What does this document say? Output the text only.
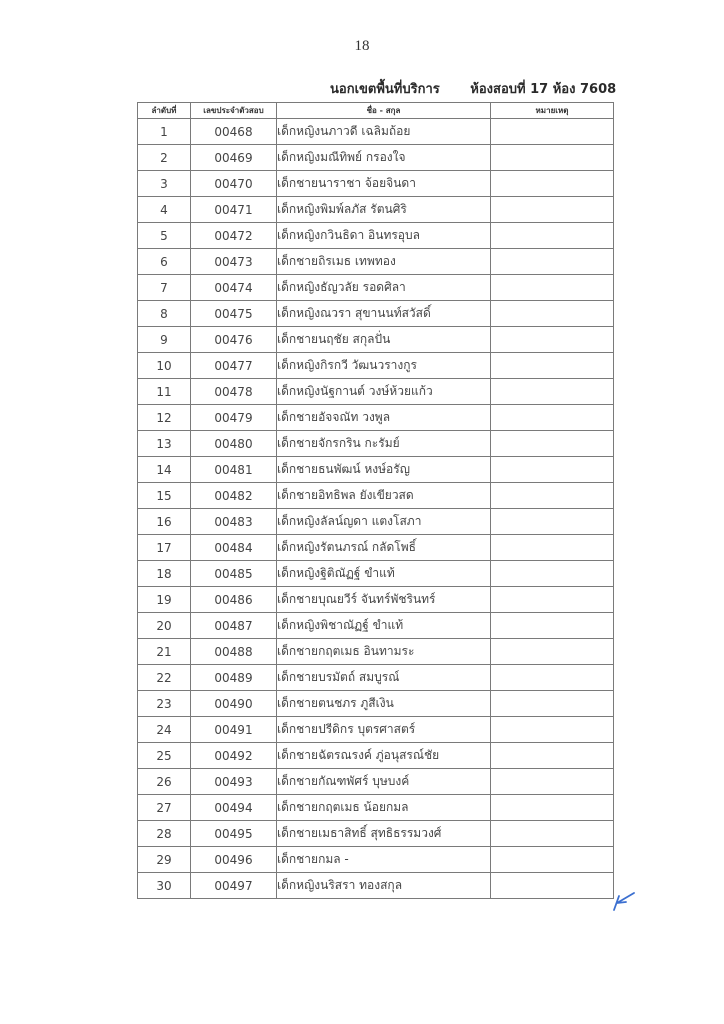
18
นอกเขตพื้นที่บริการ ห้องสอบที่ 17 ห้อง 7608
ลำดับที่	เลขประจำตัวสอบ	ชื่อ - สกุล	หมายเหตุ
1	00468	เด็กหญิงนภาวดี เฉลิมถ้อย	
2	00469	เด็กหญิงมณีทิพย์ กรองใจ	
3	00470	เด็กชายนาราชา จ้อยจินดา	
4	00471	เด็กหญิงพิมพ์ลภัส รัตนศิริ	
5	00472	เด็กหญิงกวินธิดา อินทรอุบล	
6	00473	เด็กชายถิรเมธ เทพทอง	
7	00474	เด็กหญิงธัญวลัย รอดศิลา	
8	00475	เด็กหญิงณวรา สุขานนท์สวัสดิ์	
9	00476	เด็กชายนฤชัย สกุลปั่น	
10	00477	เด็กหญิงกิรกวี วัฒนวรางกูร	
11	00478	เด็กหญิงนัฐกานต์ วงษ์ห้วยแก้ว	
12	00479	เด็กชายอัจจณัท วงพูล	
13	00480	เด็กชายจักรกริน กะรัมย์	
14	00481	เด็กชายธนพัฒน์ หงษ์อรัญ	
15	00482	เด็กชายอิทธิพล ยังเขียวสด	
16	00483	เด็กหญิงลัลน์ญดา แตงโสภา	
17	00484	เด็กหญิงรัตนภรณ์ กลัดโพธิ์	
18	00485	เด็กหญิงฐิติณัฏฐ์ ขำแท้	
19	00486	เด็กชายบุณยวีร์ จันทร์พัชรินทร์	
20	00487	เด็กหญิงพิชาณัฏฐ์ ขำแท้	
21	00488	เด็กชายกฤตเมธ อินทามระ	
22	00489	เด็กชายบรมัตถ์ สมบูรณ์	
23	00490	เด็กชายตนชภร ภูสีเงิน	
24	00491	เด็กชายปรีดิกร บุตรศาสตร์	
25	00492	เด็กชายฉัตรณรงค์ ภู่อนุสรณ์ชัย	
26	00493	เด็กชายกัณฑพัศร์ บุษบงค์	
27	00494	เด็กชายกฤตเมธ น้อยกมล	
28	00495	เด็กชายเมธาสิทธิ์ สุทธิธรรมวงศ์	
29	00496	เด็กชายกมล -	
30	00497	เด็กหญิงนริสรา ทองสกุล	
